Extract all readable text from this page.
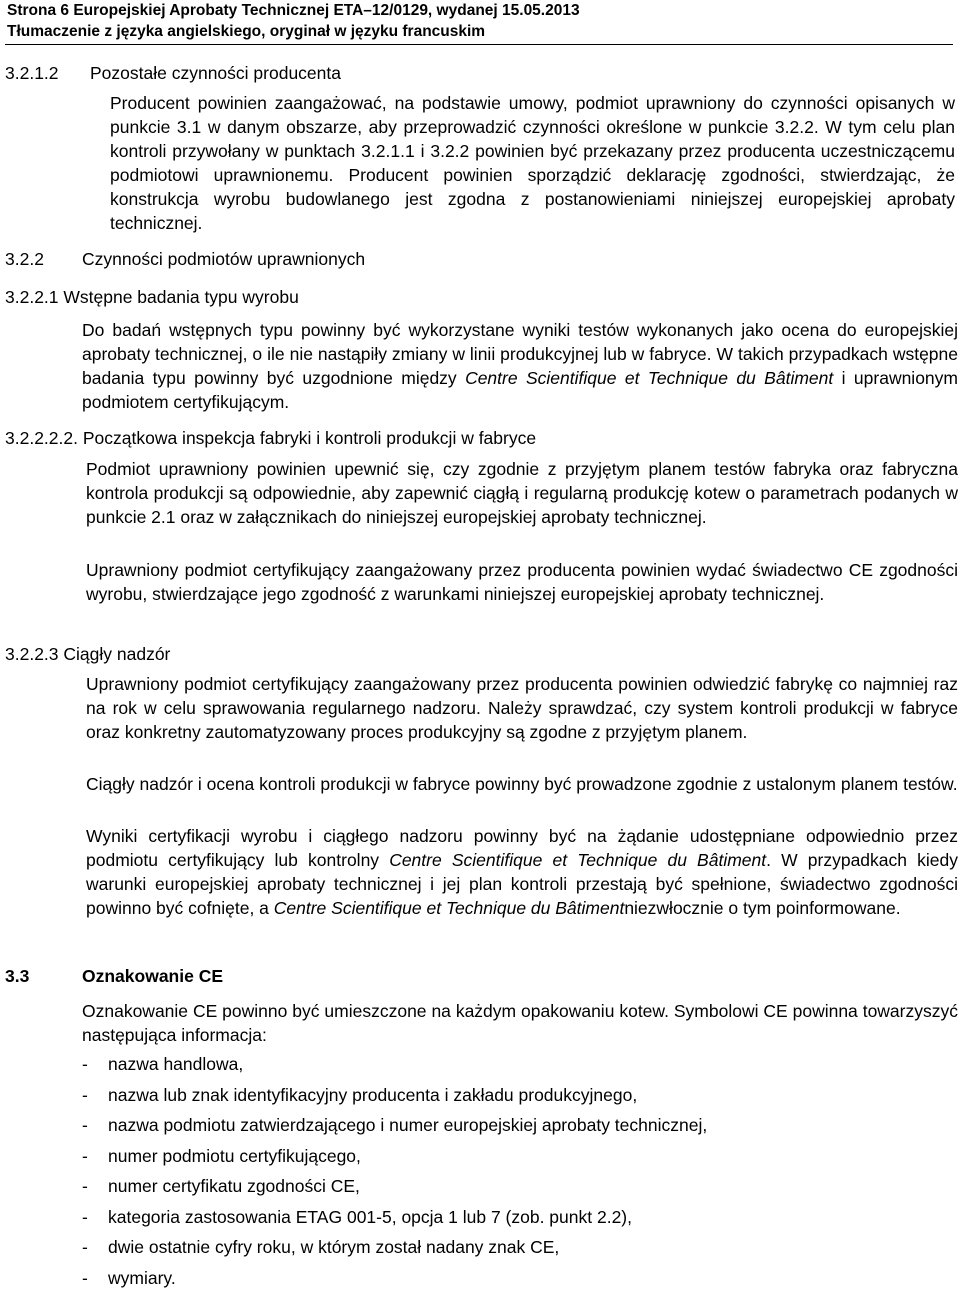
Strona 6 Europejskiej Aprobaty Technicznej ETA–12/0129, wydanej 15.05.2013
Tłumaczenie z języka angielskiego, oryginał w języku francuskim
3.2.1.2 Pozostałe czynności producenta
Producent powinien zaangażować, na podstawie umowy, podmiot uprawniony do czynności opisanych w punkcie 3.1 w danym obszarze, aby przeprowadzić czynności określone w punkcie 3.2.2. W tym celu plan kontroli przywołany w punktach 3.2.1.1 i 3.2.2 powinien być przekazany przez producenta uczestniczącemu podmiotowi uprawnionemu. Producent powinien sporządzić deklarację zgodności, stwierdzając, że konstrukcja wyrobu budowlanego jest zgodna z postanowieniami niniejszej europejskiej aprobaty technicznej.
3.2.2 Czynności podmiotów uprawnionych
3.2.2.1 Wstępne badania typu wyrobu
Do badań wstępnych typu powinny być wykorzystane wyniki testów wykonanych jako ocena do europejskiej aprobaty technicznej, o ile nie nastąpiły zmiany w linii produkcyjnej lub w fabryce. W takich przypadkach wstępne badania typu powinny być uzgodnione między Centre Scientifique et Technique du Bâtiment i uprawnionym podmiotem certyfikującym.
3.2.2.2.2. Początkowa inspekcja fabryki i kontroli produkcji w fabryce
Podmiot uprawniony powinien upewnić się, czy zgodnie z przyjętym planem testów fabryka oraz fabryczna kontrola produkcji są odpowiednie, aby zapewnić ciągłą i regularną produkcję kotew o parametrach podanych w punkcie 2.1 oraz w załącznikach do niniejszej europejskiej aprobaty technicznej.
Uprawniony podmiot certyfikujący zaangażowany przez producenta powinien wydać świadectwo CE zgodności wyrobu, stwierdzające jego zgodność z warunkami niniejszej europejskiej aprobaty technicznej.
3.2.2.3 Ciągły nadzór
Uprawniony podmiot certyfikujący zaangażowany przez producenta powinien odwiedzić fabrykę co najmniej raz na rok w celu sprawowania regularnego nadzoru. Należy sprawdzać, czy system kontroli produkcji w fabryce oraz konkretny zautomatyzowany proces produkcyjny są zgodne z przyjętym planem.
Ciągły nadzór i ocena kontroli produkcji w fabryce powinny być prowadzone zgodnie z ustalonym planem testów.
Wyniki certyfikacji wyrobu i ciągłego nadzoru powinny być na żądanie udostępniane odpowiednio przez podmiotu certyfikujący lub kontrolny Centre Scientifique et Technique du Bâtiment. W przypadkach kiedy warunki europejskiej aprobaty technicznej i jej plan kontroli przestają być spełnione, świadectwo zgodności powinno być cofnięte, a Centre Scientifique et Technique du Bâtimentniezwłocznie o tym poinformowane.
3.3	Oznakowanie CE
Oznakowanie CE powinno być umieszczone na każdym opakowaniu kotew. Symbolowi CE powinna towarzyszyć następująca informacja:
- nazwa handlowa,
- nazwa lub znak identyfikacyjny producenta i zakładu produkcyjnego,
- nazwa podmiotu zatwierdzającego i numer europejskiej aprobaty technicznej,
- numer podmiotu certyfikującego,
- numer certyfikatu zgodności CE,
- kategoria zastosowania ETAG 001-5, opcja 1 lub 7 (zob. punkt 2.2),
- dwie ostatnie cyfry roku, w którym został nadany znak CE,
- wymiary.
